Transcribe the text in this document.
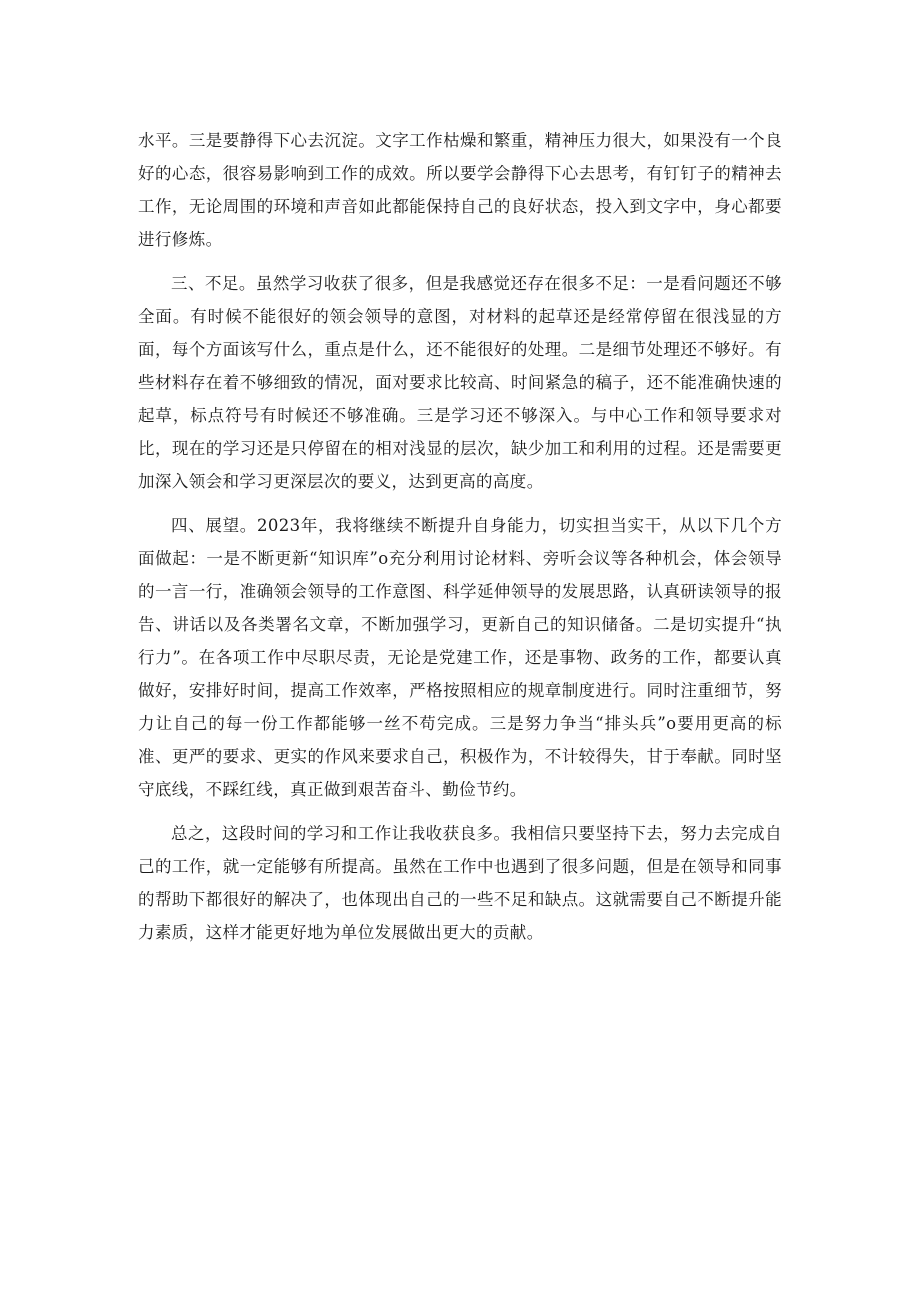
水平。三是要静得下心去沉淀。文字工作枯燥和繁重，精神压力很大，如果没有一个良好的心态，很容易影响到工作的成效。所以要学会静得下心去思考，有钉钉子的精神去工作，无论周围的环境和声音如此都能保持自己的良好状态，投入到文字中，身心都要进行修炼。

三、不足。虽然学习收获了很多，但是我感觉还存在很多不足：一是看问题还不够全面。有时候不能很好的领会领导的意图，对材料的起草还是经常停留在很浅显的方面，每个方面该写什么，重点是什么，还不能很好的处理。二是细节处理还不够好。有些材料存在着不够细致的情况，面对要求比较高、时间紧急的稿子，还不能准确快速的起草，标点符号有时候还不够准确。三是学习还不够深入。与中心工作和领导要求对比，现在的学习还是只停留在的相对浅显的层次，缺少加工和利用的过程。还是需要更加深入领会和学习更深层次的要义，达到更高的高度。

四、展望。2023年，我将继续不断提升自身能力，切实担当实干，从以下几个方面做起：一是不断更新“知识库”o充分利用讨论材料、旁听会议等各种机会，体会领导的一言一行，准确领会领导的工作意图、科学延伸领导的发展思路，认真研读领导的报告、讲话以及各类署名文章，不断加强学习，更新自己的知识储备。二是切实提升“执行力”。在各项工作中尽职尽责，无论是党建工作，还是事物、政务的工作，都要认真做好，安排好时间，提高工作效率，严格按照相应的规章制度进行。同时注重细节，努力让自己的每一份工作都能够一丝不苟完成。三是努力争当“排头兵”o要用更高的标准、更严的要求、更实的作风来要求自己，积极作为，不计较得失，甘于奉献。同时坚守底线，不踩红线，真正做到艰苦奋斗、勤俭节约。

总之，这段时间的学习和工作让我收获良多。我相信只要坚持下去，努力去完成自己的工作，就一定能够有所提高。虽然在工作中也遇到了很多问题，但是在领导和同事的帮助下都很好的解决了，也体现出自己的一些不足和缺点。这就需要自己不断提升能力素质，这样才能更好地为单位发展做出更大的贡献。
